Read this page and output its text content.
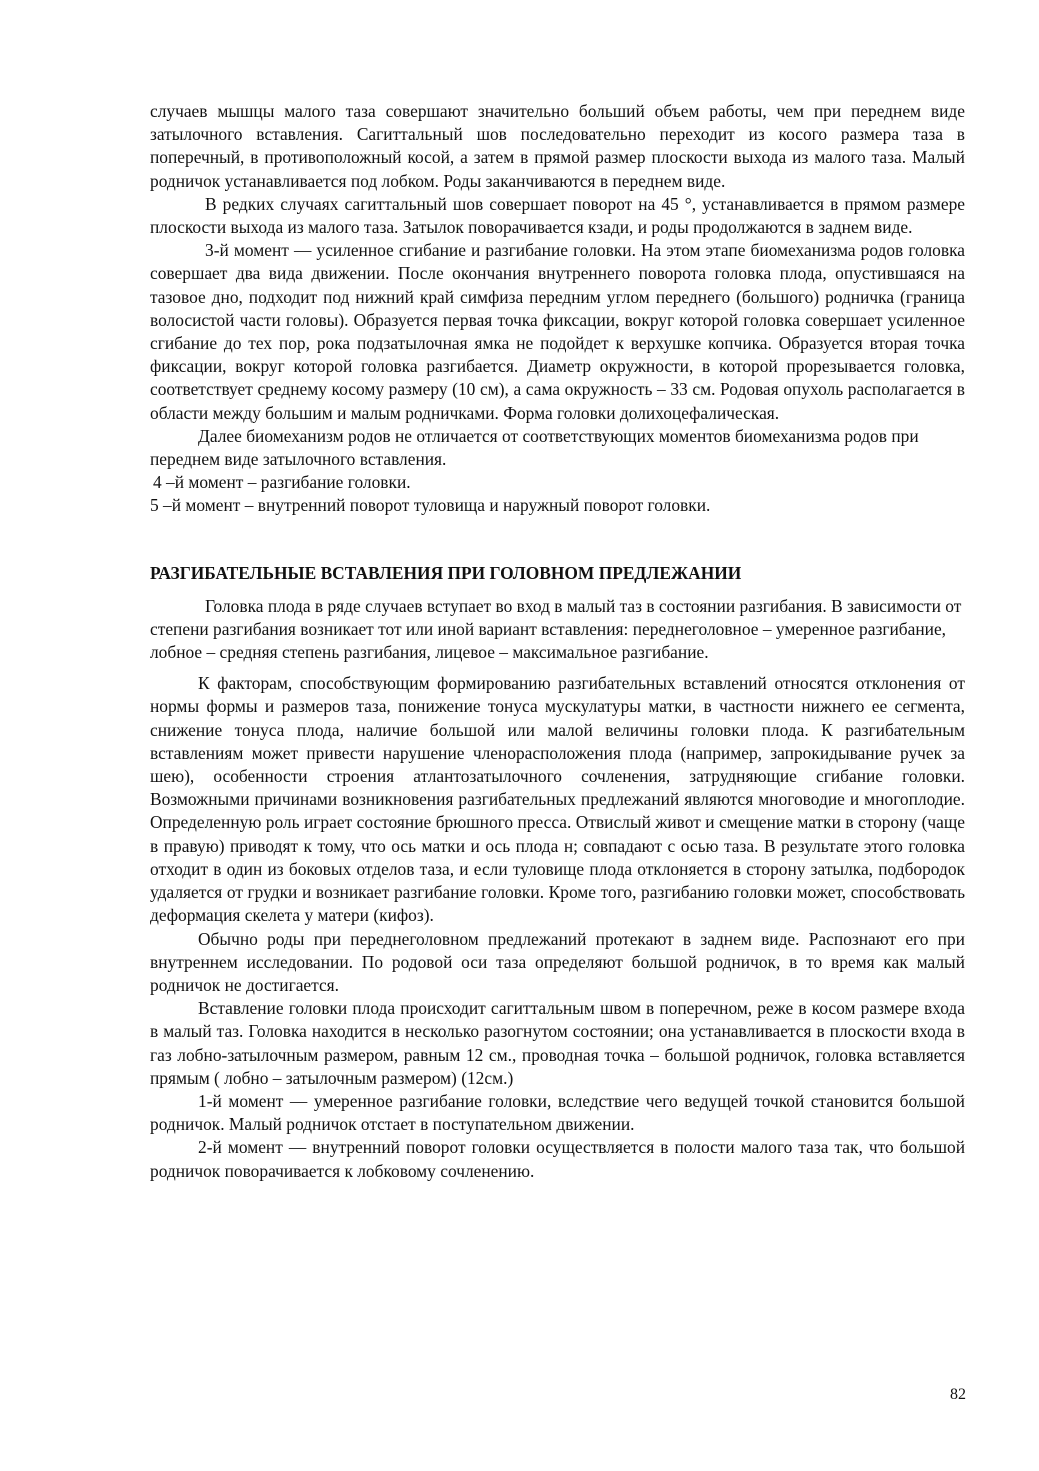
случаев мышцы малого таза совершают значительно больший объем работы, чем при переднем виде затылочного вставления. Сагиттальный шов последовательно переходит из косого размера таза в поперечный, в противоположный косой, а затем в прямой размер плоскости выхода из малого таза. Малый родничок устанавливается под лобком. Роды заканчиваются в переднем виде.

В редких случаях сагиттальный шов совершает поворот на 45 °, устанавливается в прямом размере плоскости выхода из малого таза. Затылок поворачивается кзади, и роды продолжаются в заднем виде.

3-й момент — усиленное сгибание и разгибание головки. На этом этапе биомеханизма родов головка совершает два вида движении. После окончания внутреннего поворота головка плода, опустившаяся на тазовое дно, подходит под нижний край симфиза передним углом переднего (большого) родничка (граница волосистой части головы). Образуется первая точка фиксации, вокруг которой головка совершает усиленное сгибание до тех пор, рока подзатылочная ямка не подойдет к верхушке копчика. Образуется вторая точка фиксации, вокруг которой головка разгибается. Диаметр окружности, в которой прорезывается головка, соответствует среднему косому размеру (10 см), а сама окружность – 33 см. Родовая опухоль располагается в области между большим и малым родничками. Форма головки долихоцефалическая.

Далее биомеханизм родов не отличается от соответствующих моментов биомеханизма родов при переднем виде затылочного вставления.

4 –й момент – разгибание головки.

5 –й момент – внутренний поворот туловища и наружный поворот головки.

РАЗГИБАТЕЛЬНЫЕ ВСТАВЛЕНИЯ ПРИ ГОЛОВНОМ ПРЕДЛЕЖАНИИ

Головка плода в ряде случаев вступает во вход в малый таз в состоянии разгибания. В зависимости от степени разгибания возникает тот или иной вариант вставления: переднеголовное – умеренное разгибание, лобное – средняя степень разгибания, лицевое – максимальное разгибание.

К факторам, способствующим формированию разгибательных вставлений относятся отклонения от нормы формы и размеров таза, понижение тонуса мускулатуры матки, в частности нижнего ее сегмента, снижение тонуса плода, наличие большой или малой величины головки плода. К разгибательным вставлениям может привести нарушение членорасположения плода (например, запрокидывание ручек за шею), особенности строения атлантозатылочного сочленения, затрудняющие сгибание головки. Возможными причинами возникновения разгибательных предлежаний являются многоводие и многоплодие. Определенную роль играет состояние брюшного пресса. Отвислый живот и смещение матки в сторону (чаще в правую) приводят к тому, что ось матки и ось плода н; совпадают с осью таза. В результате этого головка отходит в один из боковых отделов таза, и если туловище плода отклоняется в сторону затылка, подбородок удаляется от грудки и возникает разгибание головки. Кроме того, разгибанию головки может, способствовать деформация скелета у матери (кифоз).

Обычно роды при переднеголовном предлежаний протекают в заднем виде. Распознают его при внутреннем исследовании. По родовой оси таза определяют большой родничок, в то время как малый родничок не достигается.

Вставление головки плода происходит сагиттальным швом в поперечном, реже в косом размере входа в малый таз. Головка находится в несколько разогнутом состоянии; она устанавливается в плоскости входа в газ лобно-затылочным размером, равным 12 см., проводная точка – большой родничок, головка вставляется прямым ( лобно – затылочным размером) (12см.)

1-й момент — умеренное разгибание головки, вследствие чего ведущей точкой становится большой родничок. Малый родничок отстает в поступательном движении.

2-й момент — внутренний поворот головки осуществляется в полости малого таза так, что большой родничок поворачивается к лобковому сочленению.

82
